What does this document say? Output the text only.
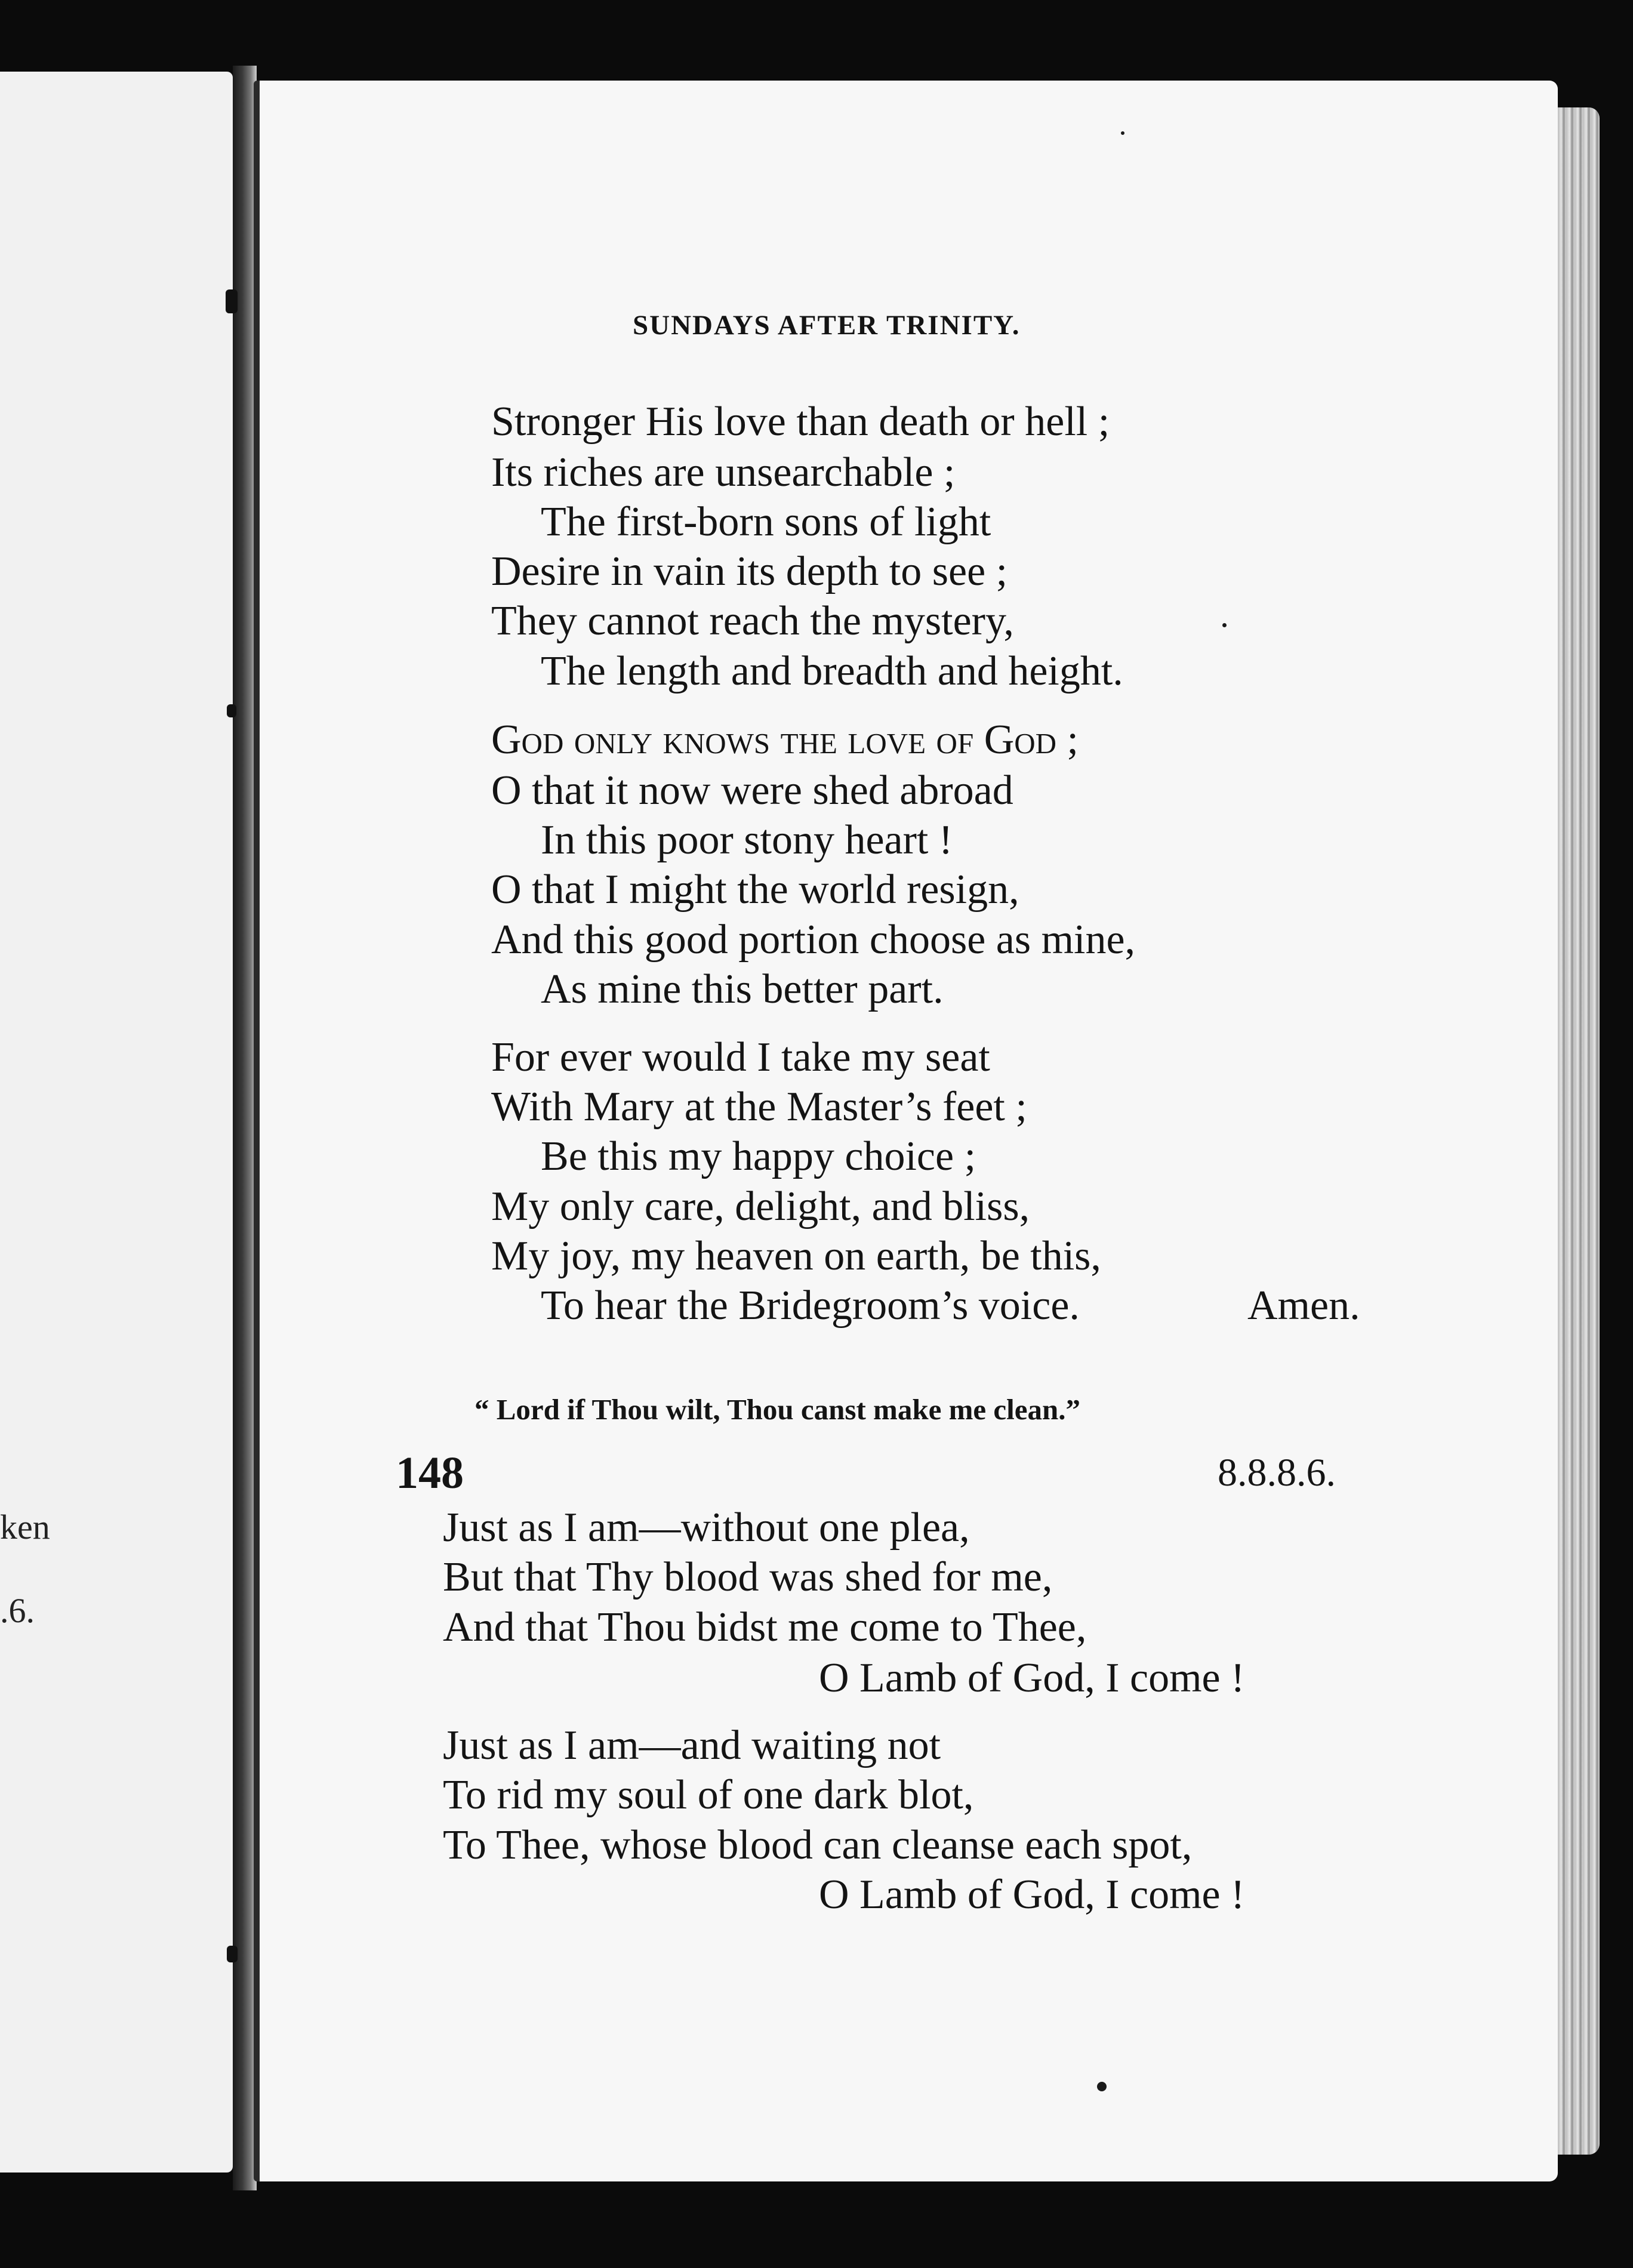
ken
.6.
SUNDAYS AFTER TRINITY.
Stronger His love than death or hell ;
Its riches are unsearchable ;
The first-born sons of light
Desire in vain its depth to see ;
They cannot reach the mystery,
The length and breadth and height.
God only knows the love of God ;
O that it now were shed abroad
In this poor stony heart !
O that I might the world resign,
And this good portion choose as mine,
As mine this better part.
For ever would I take my seat
With Mary at the Master’s feet ;
Be this my happy choice ;
My only care, delight, and bliss,
My joy, my heaven on earth, be this,
To hear the Bridegroom’s voice.	Amen.
“ Lord if Thou wilt, Thou canst make me clean.”
148	8.8.8.6.
Just as I am—without one plea,
But that Thy blood was shed for me,
And that Thou bidst me come to Thee,
O Lamb of God, I come !
Just as I am—and waiting not
To rid my soul of one dark blot,
To Thee, whose blood can cleanse each spot,
O Lamb of God, I come !
